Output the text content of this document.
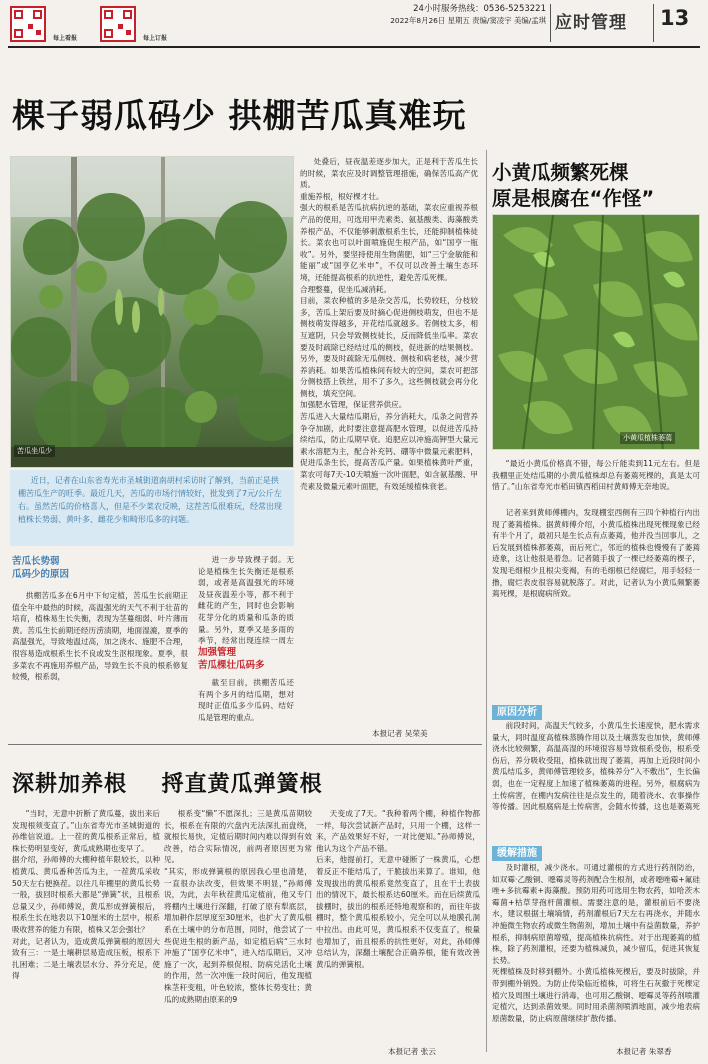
每上看报	每上订报
24小时服务热线：0536-5253221
2022年8月26日 星期五 责编/窦凌宇 美编/孟琪 应时管理 13
棵子弱瓜码少 拱棚苦瓜真难玩
苦瓜坐瓜少
近日，记者在山东省寿光市圣城街道南胡村采访时了解到，当前正是拱棚苦瓜生产的旺季。最近几天，苦瓜的市场行情较好，批发到了7元/公斤左右。虽然苦瓜的价格喜人，但是不少菜农反映，这茬苦瓜很难玩，经常出现植株长势弱、黄叶多、雌花少和畸形瓜多的问题。
苦瓜长势弱
瓜码少的原因
拱棚苦瓜多在6月中下旬定植，苦瓜生长前期正值全年中最热的时候，高温强光的天气不利于壮苗的培育，植株易生长失衡，表现为茎蔓细弱、叶片薄而黄。苦瓜生长前期还经历涝渍期，地面湿漉，夏季的高温强光，导致地温过高，加之浇水、施肥不合理，很容易造成根系生长不良或发生沤根现象。夏季，很多菜农不再施用养根产品，导致生长不良的根系修复较慢，根系弱，
进一步导致棵子弱。无论是植株生长失衡还是根系弱，或者是高温强光的环境及昼夜温差小等，都不利于雌花的产生，同时也会影响花芽分化的质量和瓜条的质量。另外，夏季又是多雨的季节，经常出现连续一周左
加强管理
苦瓜棵壮瓜码多
截至目前，拱棚苦瓜还有两个多月的结瓜期，想对现时正值瓜多少瓜码、结好瓜是管理的重点。
处叠后，昼夜温差逐步加大，正是利于苦瓜生长的时候，菜农应及时调整管理措施，确保苦瓜高产优质。
重施养根，根好棵才壮。
强大的根系是苦瓜抗病抗逆的基础，菜农应重视养根产品的使用，可选用甲壳素类、氨基酸类、海藻酸类养根产品，不仅能够刺激根系生长，还能抑制植株徒长。菜农也可以叶面喷施促生根产品，如“国亨一瓶收”。另外，要坚持使用生物菌肥，如“三宁金敏能和能丽”或“国亨亿米申”，不仅可以改善土壤生态环境，还能提高根系的抗逆性，避免苦瓜死棵。
合理整蔓，促坐瓜减消耗。
目前，菜农种植的多是杂交苦瓜，长势较旺，分枝较多，苦瓜上架后要及时摘心促进侧枝萌发，但也不是侧枝萌发得越多，开花结瓜就越多。若侧枝太多，相互遮阴，只会导致侧枝徒长，反而降低坐瓜率。菜农要及时疏除已经结过瓜的侧枝，促进新的结果侧枝。另外，要及时疏除无瓜侧枝、侧枝和病老枝，减少营养消耗。如果苦瓜植株间有较大的空间，菜农可把部分侧枝搭上铁丝，用不了多久，这些侧枝就会再分化侧枝，填充空间。
加强肥水管理，保证营养供应。
苦瓜进入大量结瓜期后，养分消耗大，瓜条之间营养争夺加剧，此时要注意提高肥水管理，以促进苦瓜持续结瓜，防止瓜期早衰。追肥应以冲施高钾型大量元素水溶肥为主，配合补充钙、硼等中微量元素肥料，促进瓜条生长，提高苦瓜产量。如果植株黄叶严重，菜农可每7天-10天喷施一次叶面肥，如含氨基酸、甲壳素及微量元素叶面肥，有效延缓植株衰老。
本报记者 吴荣美
小黄瓜频繁死棵
原是根腐在“作怪”
小黄瓜植株萎蔫
“最近小黄瓜价格真不错，每公斤能卖到11元左右。但是我棚里正处结瓜期的小黄瓜植株却总有萎蔫死棵的，真是太可惜了。”山东省寿光市稻田镇西稻田村黄师傅无奈地说。
记者来到黄师傅棚内，发现棚室西侧有三四个种植行内出现了萎蔫植株。据黄师傅介绍，小黄瓜植株出现死棵现象已经有半个月了，最初只是生长点有点萎蔫，他并没当回事儿，之后发展到植株都萎蔫，而后死亡，邻近的植株也慢慢有了萎蔫迹象，这让他很是着急。记者随手拔了一棵已经萎蔫的棵子，发现毛细根少且根尖变褐，有的毛细根已经腐烂，用手轻轻一撸，腐烂表皮很容易就脱落了。对此，记者认为小黄瓜频繁萎蔫死棵，是根腐病所致。
原因分析
前段时间，高温天气较多，小黄瓜生长速度快，肥水需求量大，同时温度高植株蒸腾作用以及土壤蒸发也加快，黄师傅浇水比较频繁，高温高湿的环境很容易导致根系受伤，根系受伤后，养分吸收受阻，植株就出现了萎蔫，再加上近段时间小黄瓜结瓜多，黄师傅管理较多，植株养分“入不敷出”，生长偏弱，也在一定程度上加速了植株萎蔫的进程。另外，根腐病为土传病害，在棚内发病往往是点发生的，随着浇水、农事操作等传播。因此根腐病是土传病害，会随水传播，这也是萎蔫死
缓解措施
及时灌根，减少浇水。可通过灌根的方式进行药剂防治，如双霉·乙酸铜、噁霉灵等药剂配合生根剂，或者噁唑霉+氟硅唑+多抗霉素+海藻酸。预防用药可选用生物农药，如哈茨木霉菌+枯草芽孢杆菌灌根。需要注意的是，灌根前后不要浇水，建议根据土壤墒情，药剂灌根后7天左右再浇水，并随水冲施微生物农药或微生物菌剂，增加土壤中有益菌数量，养护根系，抑制病原菌增殖，提高植株抗病性。对于出现萎蔫的植株，除了药剂灌根，还要为植株减负，减少留瓜，促进其恢复长势。
死棵植株及时移到棚外。小黄瓜植株死棵后，要及时拔除，并带到棚外销毁。为防止传染临近植株，可将生石灰撒于死棵定植穴及周围土壤进行消毒，也可用乙酸铜、噁霉灵等药剂喷灌定植穴，达到杀菌效果。同时用杀菌剂喷洒地面，减少地表病原菌数量，防止病原菌继续扩散传播。
本报记者 朱翠香
深耕加养根    捋直黄瓜弹簧根
“当时，无意中折断了黄瓜蔓，拔出来后发现根须变直了。”山东省寿光市圣城街道的孙维信说道。上一茬的黄瓜根系正常后，植株长势明显变好，黄瓜成熟期也变早了。
据介绍，孙师傅的大棚种植年限较长，以种植黄瓜、黄瓜番种苦瓜为主，一茬黄瓜采收50天左右便换茬。以往几年棚里的黄瓜长势一般，拔回时根系大都是“弹簧”状，且根系总量又少，孙师傅说，黄瓜形成弹簧根后，根系生长在地表以下10厘米的土层中，根系吸收营养的能力有限，植株又怎会强壮？
对此，记者认为，造成黄瓜弹簧根的原因大致有三：一是土壤耕层易造成压板，根系下扎困难；二是土壤表层水分、养分充足，使得
根系变“懒”不愿深扎；三是黄瓜苗期较长，根系在有限的穴盘内无法深扎而盘绕，就根长易快，定植后期时间内难以得到有效改善，结合实际情况，前两者原因更为常见。
“其实，形成弹簧根的原因我心里也清楚，一直很办法改变，但效果不明显，”孙师傅说，为此，去年秋茬黄瓜定植前，他又专门将棚内土壤进行深翻，打破了原有犁底层，增加耕作层厚度至30厘米，也扩大了黄瓜根系在土壤中的分布范围，同时，他尝试了一些促进生根的新产品，如定植后病“三水时冲施了“国亨亿米申”，进入结瓜期后，又冲施了一次，起到养根促根、防病兑活化土壤的作用，然一次冲施一段时间后，他发现植株茎秆变粗，叶色较浓，整体长势变壮；黄瓜的成熟期由原来的9
天变成了7天。“我种着两个棚，种植作物都一样，每次尝试新产品时，只用一个棚，这样一来，产品效果好不好，一对比便知。”孙师傅说，他认为这个产品不错。
后来，他提前打，无意中碰断了一株黄瓜，心想着反正不能结瓜了，干脆拔出来算了。谁知，他发现拔出的黄瓜根系竟然变直了，且在干土表拔出的情况下，最长根系达60厘米。而在后续黄瓜拔棚时，拔出的根系还特地观察和的，而往年拔棚时，整个黄瓜根系较小，完全可以从地膜孔洞中拉出。由此可见，黄瓜根系不仅变直了，根量也增加了，而且根系的抗性更好，对此，孙师傅总结认为，深翻土壤配合正确养根，能有效改善黄瓜的弹簧根。
本报记者 张云
